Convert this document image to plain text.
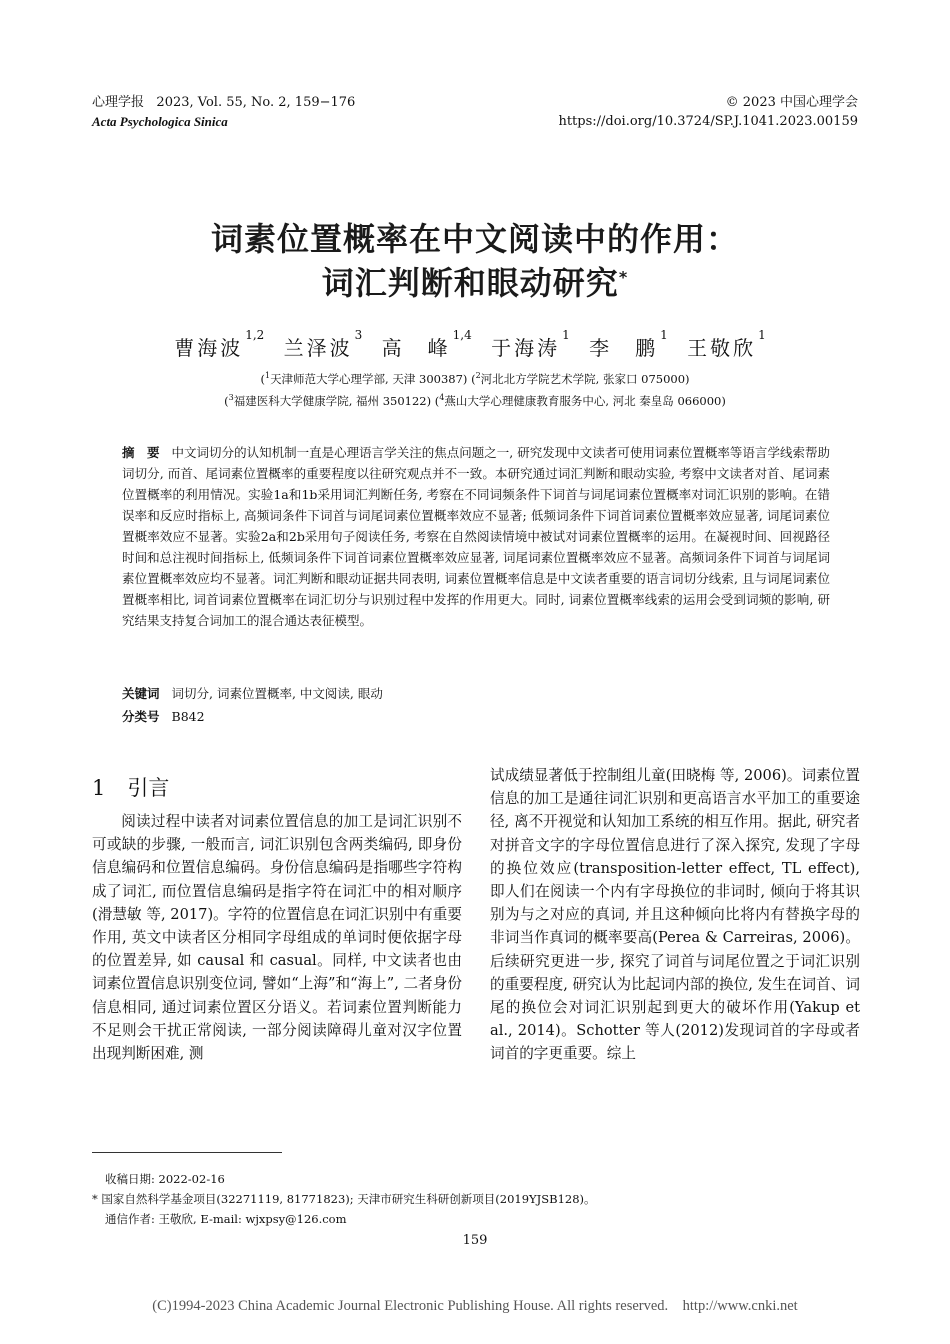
心理学报 2023, Vol. 55, No. 2, 159−176
Acta Psychologica Sinica
© 2023 中国心理学会
https://doi.org/10.3724/SP.J.1041.2023.00159
词素位置概率在中文阅读中的作用：
词汇判断和眼动研究*
曹海波$^{1,2}$ 兰泽波$^3$ 高　峰$^{1,4}$ 于海涛$^1$ 李　鹏$^1$ 王敬欣$^1$
($^1$天津师范大学心理学部, 天津 300387) ($^2$河北北方学院艺术学院, 张家口 075000)
($^3$福建医科大学健康学院, 福州 350122) ($^4$燕山大学心理健康教育服务中心, 河北 秦皇岛 066000)
摘　要 中文词切分的认知机制一直是心理语言学关注的焦点问题之一, 研究发现中文读者可使用词素位置概率等语言学线索帮助词切分, 而首、尾词素位置概率的重要程度以往研究观点并不一致。本研究通过词汇判断和眼动实验, 考察中文读者对首、尾词素位置概率的利用情况。实验1a和1b采用词汇判断任务, 考察在不同词频条件下词首与词尾词素位置概率对词汇识别的影响。在错误率和反应时指标上, 高频词条件下词首与词尾词素位置概率效应不显著; 低频词条件下词首词素位置概率效应显著, 词尾词素位置概率效应不显著。实验2a和2b采用句子阅读任务, 考察在自然阅读情境中被试对词素位置概率的运用。在凝视时间、回视路径时间和总注视时间指标上, 低频词条件下词首词素位置概率效应显著, 词尾词素位置概率效应不显著。高频词条件下词首与词尾词素位置概率效应均不显著。词汇判断和眼动证据共同表明, 词素位置概率信息是中文读者重要的语言词切分线索, 且与词尾词素位置概率相比, 词首词素位置概率在词汇切分与识别过程中发挥的作用更大。同时, 词素位置概率线索的运用会受到词频的影响, 研究结果支持复合词加工的混合通达表征模型。
关键词 词切分, 词素位置概率, 中文阅读, 眼动
分类号 B842
1 引言
阅读过程中读者对词素位置信息的加工是词汇识别不可或缺的步骤, 一般而言, 词汇识别包含两类编码, 即身份信息编码和位置信息编码。身份信息编码是指哪些字符构成了词汇, 而位置信息编码是指字符在词汇中的相对顺序(滑慧敏 等, 2017)。字符的位置信息在词汇识别中有重要作用, 英文中读者区分相同字母组成的单词时便依据字母的位置差异, 如 causal 和 casual。同样, 中文读者也由词素位置信息识别变位词, 譬如“上海”和“海上”, 二者身份信息相同, 通过词素位置区分语义。若词素位置判断能力不足则会干扰正常阅读, 一部分阅读障碍儿童对汉字位置出现判断困难, 测
试成绩显著低于控制组儿童(田晓梅 等, 2006)。词素位置信息的加工是通往词汇识别和更高语言水平加工的重要途径, 离不开视觉和认知加工系统的相互作用。据此, 研究者对拼音文字的字母位置信息进行了深入探究, 发现了字母的换位效应(transposition-letter effect, TL effect), 即人们在阅读一个内有字母换位的非词时, 倾向于将其识别为与之对应的真词, 并且这种倾向比将内有替换字母的非词当作真词的概率要高(Perea & Carreiras, 2006)。后续研究更进一步, 探究了词首与词尾位置之于词汇识别的重要程度, 研究认为比起词内部的换位, 发生在词首、词尾的换位会对词汇识别起到更大的破坏作用(Yakup et al., 2014)。Schotter 等人(2012)发现词首的字母或者词首的字更重要。综上
收稿日期: 2022-02-16
* 国家自然科学基金项目(32271119, 81771823); 天津市研究生科研创新项目(2019YJSB128)。
通信作者: 王敬欣, E-mail: wjxpsy@126.com
159
(C)1994-2023 China Academic Journal Electronic Publishing House. All rights reserved.    http://www.cnki.net
